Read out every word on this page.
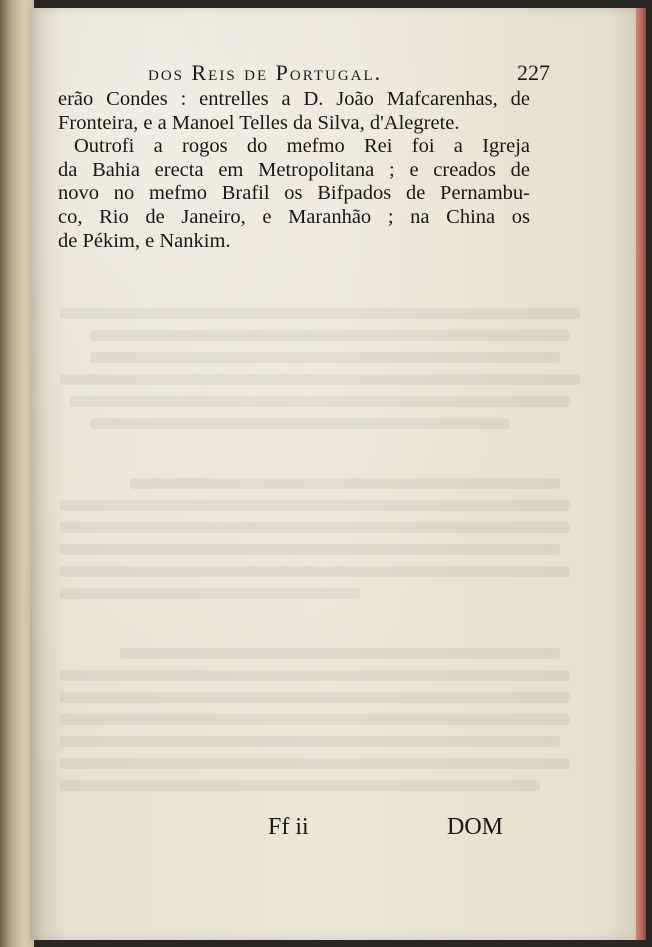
dos Reis de Portugal.	227
erão Condes : entrelles a D. João Mafcarenhas, de
Fronteira, e a Manoel Telles da Silva, d'Alegrete.
Outrofi a rogos do mefmo Rei foi a Igreja
da Bahia erecta em Metropolitana ; e creados de
novo no mefmo Brafil os Bifpados de Pernambu-
co, Rio de Janeiro, e Maranhão ; na China os
de Pékim, e Nankim.
Ff ii	DOM
